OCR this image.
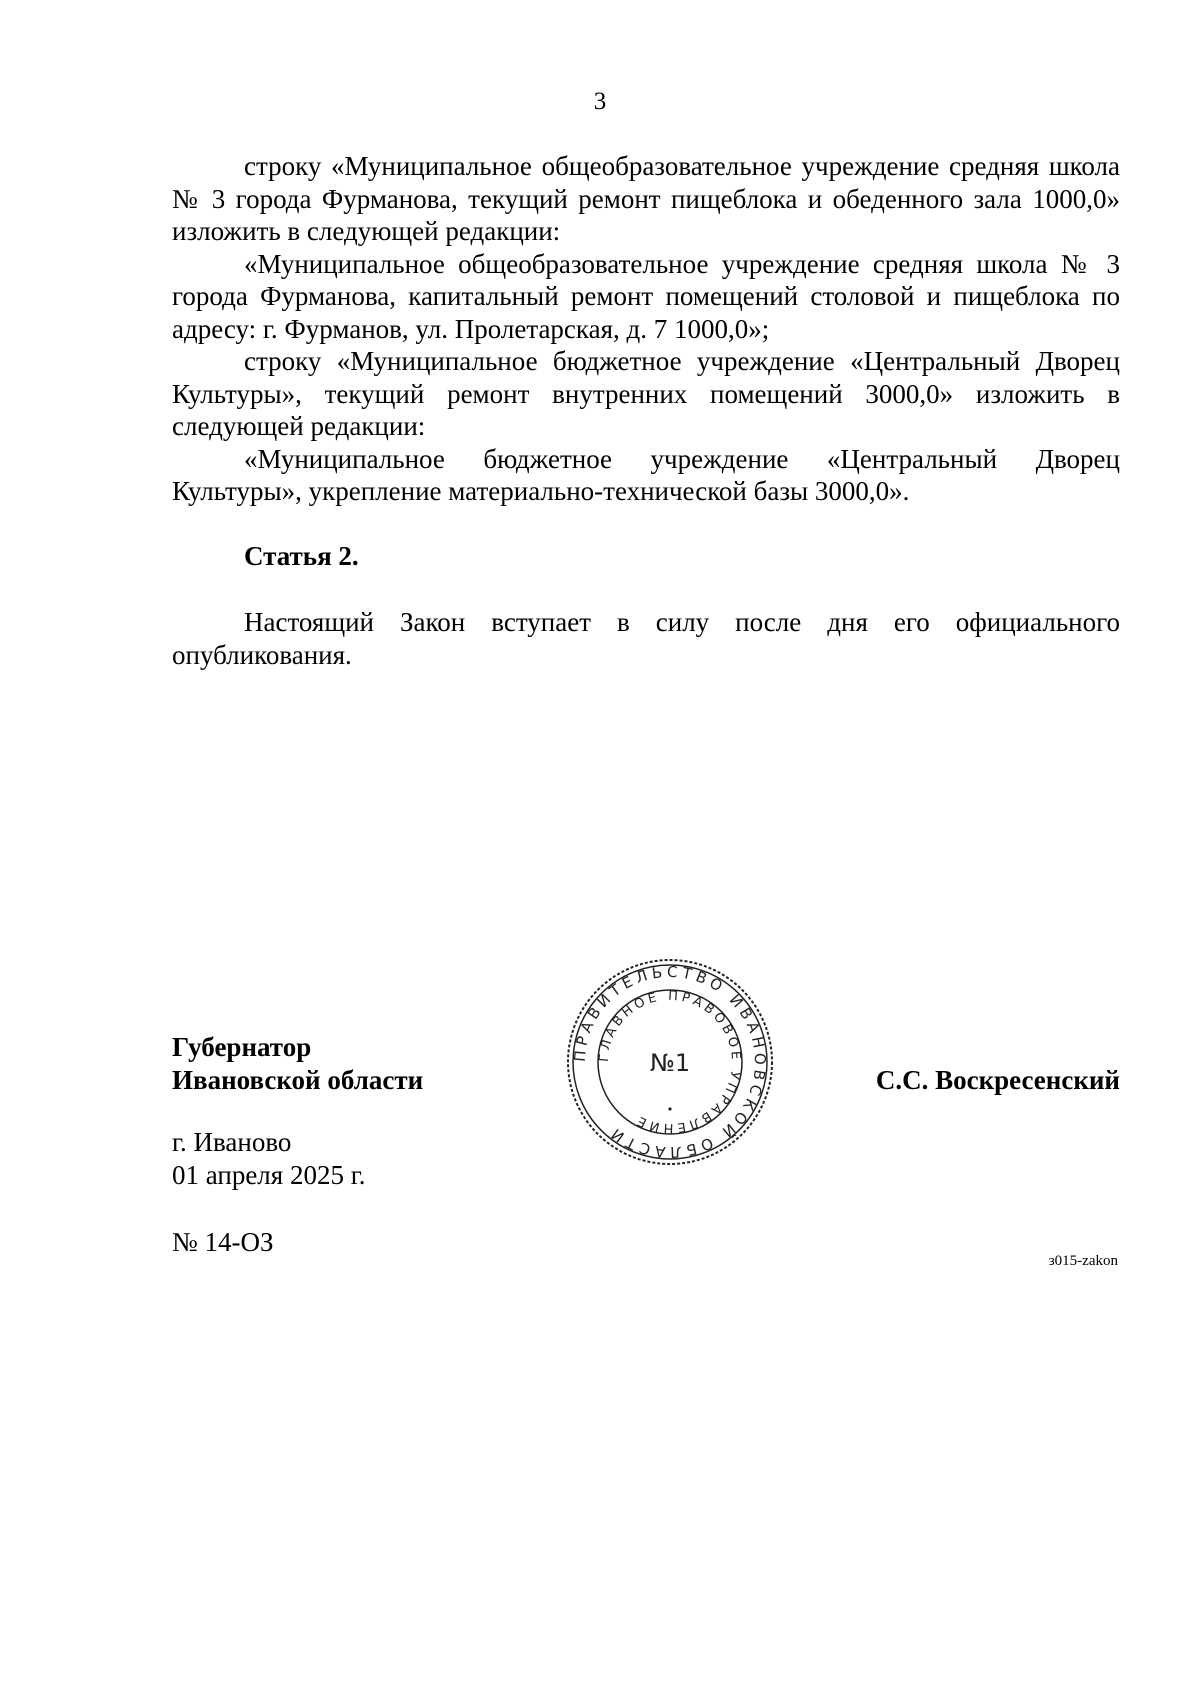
3

строку «Муниципальное общеобразовательное учреждение средняя школа № 3 города Фурманова, текущий ремонт пищеблока и обеденного зала 1000,0» изложить в следующей редакции:

«Муниципальное общеобразовательное учреждение средняя школа № 3 города Фурманова, капитальный ремонт помещений столовой и пищеблока по адресу: г. Фурманов, ул. Пролетарская, д. 7 1000,0»;

строку «Муниципальное бюджетное учреждение «Центральный Дворец Культуры», текущий ремонт внутренних помещений 3000,0» изложить в следующей редакции:

«Муниципальное бюджетное учреждение «Центральный Дворец Культуры», укрепление материально-технической базы 3000,0».

Статья 2.

Настоящий Закон вступает в силу после дня его официального опубликования.

Губернатор
Ивановской области
ПРАВИТЕЛЬСТВО ИВАНОВСКОЙ ОБЛАСТИ
ГЛАВНОЕ ПРАВОВОЕ УПРАВЛЕНИЕ
№1
С.С. Воскресенский
г. Иваново
01 апреля 2025 г.
№ 14-ОЗ
з015-zakon
